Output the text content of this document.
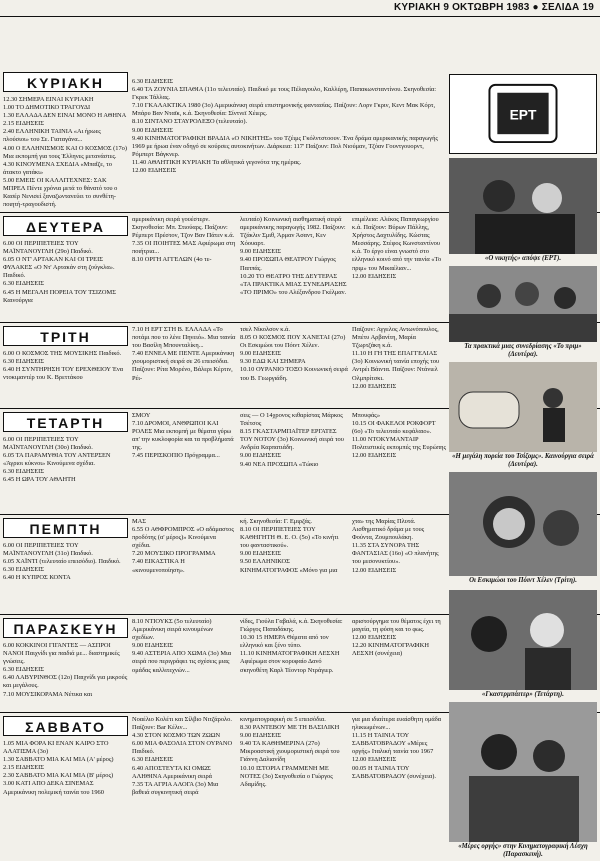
ΚΥΡΙΑΚΗ 9 ΟΚΤΩΒΡΗ 1983 ● ΣΕΛΙΔΑ 19
ΚΥΡΙΑΚΗ
12.30 ΣΗΜΕΡΑ ΕΙΝΑΙ ΚΥΡΙΑΚΗ
1.00 ΤΟ ΔΗΜΟΤΙΚΟ ΤΡΑΓΟΥΔΙ
1.30 ΕΛΛΑΔΑ ΔΕΝ ΕΙΝΑΙ ΜΟΝΟ Η ΑΘΗΝΑ
2.15 ΕΙΔΗΣΕΙΣ
2.40 ΕΛΛΗΝΙΚΗ ΤΑΙΝΙΑ «Αι ήρωες πλούσιοι» του Σε. Γιαταγάνα...
4.00 Ο ΕΛΛΗΝΙΣΜΟΣ ΚΑΙ Ο ΚΟΣΜΟΣ (17ο) Μια εκπομπή για τους Έλληνες μετανάστες.
4.30 ΚΙΝΟΥΜΕΝΑ ΣΧΕΔΙΑ «Μπαΐζε, το άτακτο γατάκι»
5.00 ΕΜΕΙΣ ΟΙ ΚΑΛΛΙΤΕΧΝΕΣ: ΣΑΚ ΜΠΡΕΛ Πέντε χρόνια μετά το θάνατό του ο Κασέρ Νενισεί ξαναζωντανεύει το συνθέτη-ποιητή-τραγουδιστή.
6.30 ΕΙΔΗΣΕΙΣ
6.40 ΤΑ ΖΟΥΝΙΑ ΣΠΑΘΙΑ (11ο τελευταίο). Παιδικό με τους Πέλαγουλο, Καλλέρη, Παπακωνσταντίνου. Σκηνοθεσία: Γκρεκ Τάλλας.
7.10 ΓΚΑΛΑΚΤΙΚΑ 1980 (3ο) Αμερικάνικη σειρά επιστημονικής φαντασίας. Παίζουν: Λορν Γκριν, Κεντ Μακ Κόρτ, Μπάρυ Βαν Νταϊκ, κ.ά. Σκηνοθεσία: Σίντνεϊ Χέιερς.
8.10 ΣΙΝΤΑΝΟ ΣΤΑΥΡΟΛΕΞΟ (τελευταίο).
9.00 ΕΙΔΗΣΕΙΣ
9.40 ΚΙΝΗΜΑΤΟΓΡΑΦΙΚΗ ΒΡΑΔΙΑ «Ο ΝΙΚΗΤΗΣ» του Τζέιμς Γκόλντστοουν. Ένα δράμα αμερικανικής παραγωγής 1969 με ήρωα έναν οδηγό σε κούρσες αυτοκινήτων. Διάρκεια: 117' Παίζουν: Πολ Νιούμαν, Τζόαν Γουντγουορντ, Ρόμπερτ Βάγκνερ.
11.40 ΑΘΛΗΤΙΚΗ ΚΥΡΙΑΚΗ Τα αθλητικά γεγονότα της ημέρας.
12.00 ΕΙΔΗΣΕΙΣ
ΕΡΤ
ΔΕΥΤΕΡΑ
6.00 ΟΙ ΠΕΡΙΠΕΤΕΙΕΣ ΤΟΥ ΜΑΪΝΤΑΝΟΥΓΛΗ (29ο) Παιδικό.
6.05 Ο ΝΤ' ΑΡΤΑΚΑΝ ΚΑΙ ΟΙ ΤΡΕΙΣ ΦΥΛΑΚΕΣ «Ο Ντ' Αρτακάν στη ζούγκλα». Παιδικό.
6.30 ΕΙΔΗΣΕΙΣ
6.45 Η ΜΕΓΑΛΗ ΠΟΡΕΙΑ ΤΟΥ ΤΣΙΖΟΜΣ Καινούργια
αμερικάνικη σειρά γουέστερν. Σκηνοθεσία: Μπ. Στιούαρς. Παίζουν: Ρέμπερτ Πρέστον, Τζον Βαν Πάτεν κ.ά.
7.35 ΟΙ ΠΟΙΗΤΕΣ ΜΑΣ Αφιέρωμα στη ποιήτρια...
8.10 ΟΡΓΗ ΑΓΓΕΛΩΝ (4ο τε-
λευταίο) Κοινωνική αισθηματική σειρά αμερικάνικης παραγωγής 1982. Παίζουν: Τζάκλιν Σμιθ, Άρμαν Άσαντ, Κεν Χόουαρτ.
9.00 ΕΙΔΗΣΕΙΣ
9.40 ΠΡΟΣΩΠΑ ΘΕΑΤΡΟΥ Γιώργος Παππάς.
10.20 ΤΟ ΘΕΑΤΡΟ ΤΗΣ ΔΕΥΤΕΡΑΣ «ΤΑ ΠΡΑΚΤΙΚΑ ΜΙΑΣ ΣΥΝΕΔΡΙΑΣΗΣ «ΤΟ ΠΡΙΜΟ» του Αλέξανδρου Γκέλμαν.
επιμέλεια: Αλέκος Παπαγεωργίου κ.ά. Παίζουν: Βύρων Πάλλης, Χρήστος Δαχτυλίδης. Κώστας Μεσσάρης. Στέφος Κωνσταντίνου κ.ά. Το έργο είναι γνωστό στο ελληνικό κοινό από την ταινία «Το πριμ» του Μικαέλιαν...
12.00 ΕΙΔΗΣΕΙΣ
ΤΡΙΤΗ
6.00 Ο ΚΟΣΜΟΣ ΤΗΣ ΜΟΥΣΙΚΗΣ Παιδικό.
6.30 ΕΙΔΗΣΕΙΣ
6.40 Η ΣΥΝΤΗΡΗΣΗ ΤΟΥ ΕΡΕΧΘΕΙΟΥ Ένα ντοκιμαντέρ του Κ. Βρεττάκου
7.10 Η ΕΡΤ ΣΤΗ Β. ΕΛΛΑΔΑ «Το ποτάμι που το λένε Πηνειό». Μια ταινία του Βασίλη Μπουνταλίκη...
7.40 ΕΝΝΕΑ ΜΕ ΠΕΝΤΕ Αμερικάνικη χιουμοριστική σειρά σε 26 επεισόδια. Παίζουν: Ρίτα Μορένο, Βάλερι Κέρτιν, Ρέι-
τσελ Νίκολσον κ.ά.
8.05 Ο ΚΟΣΜΟΣ ΠΟΥ ΧΑΝΕΤΑΙ (27ο) Οι Εσκιμώοι του Πόιντ Χέλεν.
9.00 ΕΙΔΗΣΕΙΣ
9.30 ΕΔΩ ΚΑΙ ΣΗΜΕΡΑ
10.10 ΟΥΡΑΝΙΟ ΤΟΞΟ Κοινωνική σειρά του Β. Γεωργιάδη.
Παίζουν: Αγγελος Αντωνόπουλος, Μπέτυ Αρβανίτη, Μαρία Τζωρτζάκη κ.ά.
11.10 Η ΓΗ ΤΗΣ ΕΠΑΓΓΕΛΙΑΣ (3ο) Κοινωνική ταινία εποχής του Αντρέι Βάιντα. Παίζουν: Ντάνιελ Ολμπρίτσκι.
12.00 ΕΙΔΗΣΕΙΣ
ΤΕΤΑΡΤΗ
6.00 ΟΙ ΠΕΡΙΠΕΤΕΙΕΣ ΤΟΥ ΜΑΪΝΤΑΝΟΥΓΛΗ (30ο) Παιδικό.
6.05 ΤΑ ΠΑΡΑΜΥΘΙΑ ΤΟΥ ΑΝΤΕΡΣΕΝ «Άγριοι κύκνοι» Κινούμενα σχέδια.
6.30 ΕΙΔΗΣΕΙΣ
6.45 Η ΩΡΑ ΤΟΥ ΑΘΛΗΤΗ
ΣΜΟΥ
7.10 ΔΡΟΜΟΙ, ΑΝΘΡΩΠΟΙ ΚΑΙ ΡΟΛΕΣ Μια εκπομπή με θέματα γύρω απ' την κυκλοφορία και τα προβλήματά της.
7.45 ΠΕΡΙΣΚΟΠΙΟ Πρόγραμμα...
σεις — Ο 14χρονος κιθαρίστας Μάρκος Τσέτσος
8.15 ΓΚΑΣΤΑΡΜΠΑΪΤΕΡ ΕΡΓΑΤΕΣ ΤΟΥ ΝΟΤΟΥ (3ο) Κοινωνική σειρά του Ανδρέα Καρπατιάδη.
9.00 ΕΙΔΗΣΕΙΣ
9.40 ΝΕΑ ΠΡΟΣΩΠΑ «Τώκιο
Μπουφάς»
10.15 ΟΙ ΦΑΚΕΛΟΙ ΡΟΚΦΟΡΤ (6ο) «Το τελευταίο κεφάλαιο».
11.00 ΝΤΟΚΥΜΑΝΤΑΙΡ Πολιτιστικές εκπομπές της Ευρώπης
12.00 ΕΙΔΗΣΕΙΣ
ΠΕΜΠΤΗ
6.00 ΟΙ ΠΕΡΙΠΕΤΕΙΕΣ ΤΟΥ ΜΑΪΝΤΑΝΟΥΓΛΗ (31ο) Παιδικό.
6.05 ΧΑΪΝΤΙ (τελευταίο επεισόδιο). Παιδικό.
6.30 ΕΙΔΗΣΕΙΣ
6.40 Η ΚΥΠΡΟΣ ΚΟΝΤΑ
ΜΑΣ
6.55 Ο ΑΘΦΡΟΜΠΡΟΣ «Ο αδάμαστος προδότης (α' μέρος)» Κινούμενα σχέδια.
7.20 ΜΟΥΣΙΚΟ ΠΡΟΓΡΑΜΜΑ
7.40 ΕΙΚΑΣΤΙΚΑ Η «κινουμενοποίηση».
κή. Σκηνοθεσία: Γ. Εμιρζάς.
8.10 ΟΙ ΠΕΡΙΠΕΤΕΙΕΣ ΤΟΥ ΚΑΘΗΓΗΤΗ Θ. Ε. Ο. (5ο) «Το κινήτι του φανταστικού».
9.00 ΕΙΔΗΣΕΙΣ
9.50 ΕΛΛΗΝΙΚΟΣ ΚΙΝΗΜΑΤΟΓΡΑΦΟΣ «Μόνο για μια
χτα» της Μαρίας Πλυτά. Αισθηματικό δράμα με τους Φούντα, Ζουμπουλάκη.
11.35 ΣΤΑ ΣΥΝΟΡΑ ΤΗΣ ΦΑΝΤΑΣΙΑΣ (16ο) «Ο πλανήτης του μεσονυκτίου».
12.00 ΕΙΔΗΣΕΙΣ
ΠΑΡΑΣΚΕΥΗ
6.00 ΚΟΚΚΙΝΟΙ ΓΙΓΑΝΤΕΣ — ΑΣΠΡΟΙ ΝΑΝΟΙ Παιχνίδι για παιδιά με... διαστημικές γνώσεις.
6.30 ΕΙΔΗΣΕΙΣ
6.40 ΛΑΒΥΡΙΝΘΟΣ (12ο) Παιχνίδι για μικρούς και μεγάλους.
7.10 ΜΟΥΣΙΚΟΡΑΜΑ Νέτικα και
8.10 ΝΤΙΟΥΚΣ (5ο τελευταίο) Αμερικάνικη σειρά κινουμένων σχεδίων.
9.00 ΕΙΔΗΣΕΙΣ
9.40 ΑΣΤΕΡΙΑ ΑΠΟ ΧΩΜΑ (3ο) Μια σειρά που περιγράφει τις σχέσεις μιας ομάδας καλλιτεχνών...
νίδες, Γιούλα Γαβαλά, κ.ά. Σκηνοθεσία: Γιώργος Παπαδάκης.
10.30 15 ΗΜΕΡΑ Θέματα από τον ελληνικό και ξένο τύπο.
11.10 ΚΙΝΗΜΑΤΟΓΡΑΦΙΚΗ ΛΕΣΧΗ Αφιέρωμα στον κορυφαίο Δανό σκηνοθέτη Καρλ Τέοντορ Ντράγιερ.
αριστούργημα του θέματος έχει τη μαγεία, τη φύση και το φως.
12.00 ΕΙΔΗΣΕΙΣ
12.20 ΚΙΝΗΜΑΤΟΓΡΑΦΙΚΗ ΛΕΣΧΗ (συνέχεια)
ΣΑΒΒΑΤΟ
1.05 ΜΙΑ ΦΟΡΑ ΚΙ ΕΝΑΝ ΚΑΙΡΟ ΣΤΟ ΑΛΑΤΙΣΜΑ (3ο)
1.30 ΣΑΒΒΑΤΟ ΜΙΑ ΚΑΙ ΜΙΑ (Α' μέρος)
2.15 ΕΙΔΗΣΕΙΣ
2.30 ΣΑΒΒΑΤΟ ΜΙΑ ΚΑΙ ΜΙΑ (Β' μέρος)
3.00 ΚΑΤΙ ΑΠΟ ΔΕΚΑ ΣΙΝΕΜΑΣ Αμερικάνικη πολεμική ταινία του 1960
Νοαέλιο Κολέτι και Σίλβιο Νιτζάρολο. Παίζουν: Bar Κέλιν...
4.30 ΣΤΟΝ ΚΟΣΜΟ ΤΩΝ ΖΩΩΝ
6.00 ΜΙΑ ΦΑΣΟΛΙΑ ΣΤΟΝ ΟΥΡΑΝΟ Παιδικό.
6.30 ΕΙΔΗΣΕΙΣ
6.40 ΑΠΟΣΤΕΥΤΑ ΚΙ ΟΜΩΣ ΑΛΗΘΙΝΑ Αμερικάνικη σειρά
7.35 ΤΑ ΑΓΡΙΑ ΑΛΟΓΑ (3ο) Μια βαθειά συγκινητική σειρά
κινηματογραφική σε 5 επεισόδια.
8.30 ΡΑΝΤΕΒΟΥ ΜΕ ΤΗ ΒΑΣΙΛΙΚΗ
9.00 ΕΙΔΗΣΕΙΣ
9.40 ΤΑ ΚΑΘΗΜΕΡΙΝΑ (27ο) Μικροαστική χιουμοριστική σειρά του Γιάννη Δαλιανίδη
10.10 ΙΣΤΟΡΙΑ ΓΡΑΜΜΕΝΗ ΜΕ ΝΟΤΕΣ (3ο) Σκηνοθεσία ο Γιώργος Αδαμίδης.
για μια ιδιαίτερα ευαίσθητη ομάδα ηλικιωμένων...
11.15 Η ΤΑΙΝΙΑ ΤΟΥ ΣΑΒΒΑΤΟΒΡΑΔΟΥ «Μέρες οργής» Ιταλική ταινία του 1967
12.00 ΕΙΔΗΣΕΙΣ
00.05 Η ΤΑΙΝΙΑ ΤΟΥ ΣΑΒΒΑΤΟΒΡΑΔΟΥ (συνέχεια).
«Ο νικητής» απόψε (ΕΡΤ).
Τα πρακτικά μιας συνεδρίασης «Το πριμ» (Δευτέρα).
«Η μεγάλη πορεία του Τσίζομς». Καινούργια σειρά (Δευτέρα).
Οι Εσκιμώοι του Πόιντ Χέλεν (Τρίτη).
«Γκαστρμπάιτερ» (Τετάρτη).
«Μέρες οργής» στην Κινηματογραφική Λέσχη (Παρασκευή).
